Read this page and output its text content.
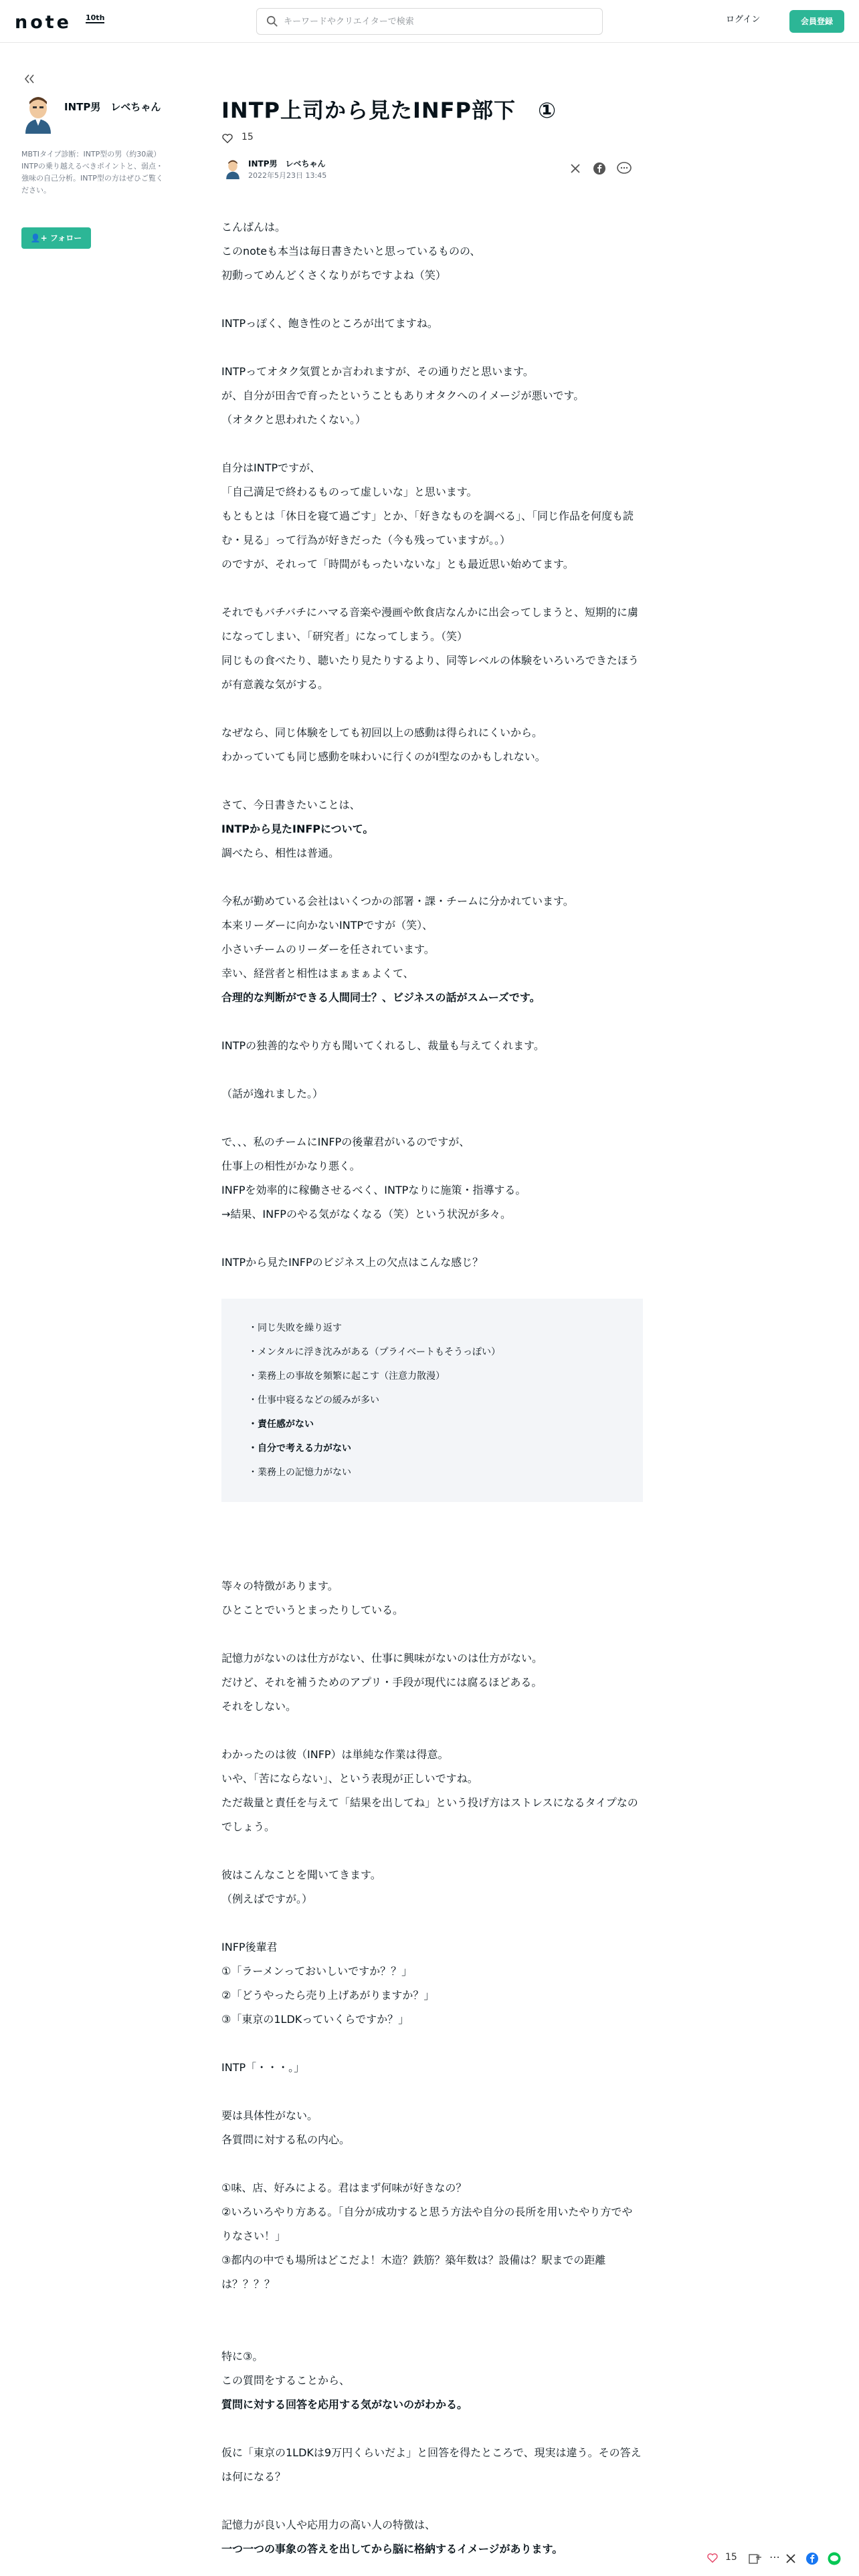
note 10th
キーワードやクリエイターで検索	ログイン	会員登録
INTP男　レベちゃん
MBTIタイプ診断：INTP型の男（約30歳）　INTPの乗り越えるべきポイントと、弱点・強味の自己分析。INTP型の方はぜひご覧ください。
👤+ フォロー
INTP上司から見たINFP部下　①
15
INTP男　レベちゃん
2022年5月23日 13:45
こんばんは。
このnoteも本当は毎日書きたいと思っているものの、
初動ってめんどくさくなりがちですよね（笑）
INTPっぽく、飽き性のところが出てますね。
INTPってオタク気質とか言われますが、その通りだと思います。
が、自分が田舎で育ったということもありオタクへのイメージが悪いです。
（オタクと思われたくない。）
自分はINTPですが、
「自己満足で終わるものって虚しいな」と思います。
もともとは「休日を寝て過ごす」とか、「好きなものを調べる」、「同じ作品を何度も読む・見る」って行為が好きだった（今も残っていますが。。）
のですが、それって「時間がもったいないな」とも最近思い始めてます。
それでもバチバチにハマる音楽や漫画や飲食店なんかに出会ってしまうと、短期的に虜になってしまい、「研究者」になってしまう。（笑）
同じもの食べたり、聴いたり見たりするより、同等レベルの体験をいろいろできたほうが有意義な気がする。
なぜなら、同じ体験をしても初回以上の感動は得られにくいから。
わかっていても同じ感動を味わいに行くのがI型なのかもしれない。
さて、今日書きたいことは、
INTPから見たINFPについて。
調べたら、相性は普通。
今私が勤めている会社はいくつかの部署・課・チームに分かれています。
本来リーダーに向かないINTPですが（笑）、
小さいチームのリーダーを任されています。
幸い、経営者と相性はまぁまぁよくて、
合理的な判断ができる人間同士？、ビジネスの話がスムーズです。
INTPの独善的なやり方も聞いてくれるし、裁量も与えてくれます。
（話が逸れました。）
で、、、私のチームにINFPの後輩君がいるのですが、
仕事上の相性がかなり悪く。
INFPを効率的に稼働させるべく、INTPなりに施策・指導する。
→結果、INFPのやる気がなくなる（笑）という状況が多々。
INTPから見たINFPのビジネス上の欠点はこんな感じ？
・同じ失敗を繰り返す
・メンタルに浮き沈みがある（プライベートもそうっぽい）
・業務上の事故を頻繁に起こす（注意力散漫）
・仕事中寝るなどの緩みが多い
・責任感がない
・自分で考える力がない
・業務上の記憶力がない
等々の特徴があります。
ひとことでいうとまったりしている。
記憶力がないのは仕方がない、仕事に興味がないのは仕方がない。
だけど、それを補うためのアプリ・手段が現代には腐るほどある。
それをしない。
わかったのは彼（INFP）は単純な作業は得意。
いや、「苦にならない」、という表現が正しいですね。
ただ裁量と責任を与えて「結果を出してね」という投げ方はストレスになるタイプなのでしょう。
彼はこんなことを聞いてきます。
（例えばですが。）
INFP後輩君
①「ラーメンっておいしいですか？？」
②「どうやったら売り上げあがりますか？」
③「東京の1LDKっていくらですか？」
INTP「・・・。」
要は具体性がない。
各質問に対する私の内心。
①味、店、好みによる。君はまず何味が好きなの？
②いろいろやり方ある。「自分が成功すると思う方法や自分の長所を用いたやり方でやりなさい！」
③都内の中でも場所はどこだよ！木造？鉄筋？築年数は？設備は？駅までの距離は？？？？
特に③。
この質問をすることから、
質問に対する回答を応用する気がないのがわかる。
仮に「東京の1LDKは9万円くらいだよ」と回答を得たところで、現実は違う。その答えは何になる？
記憶力が良い人や応用力の高い人の特徴は、
一つ一つの事象の答えを出してから脳に格納するイメージがあります。
15	⋯
